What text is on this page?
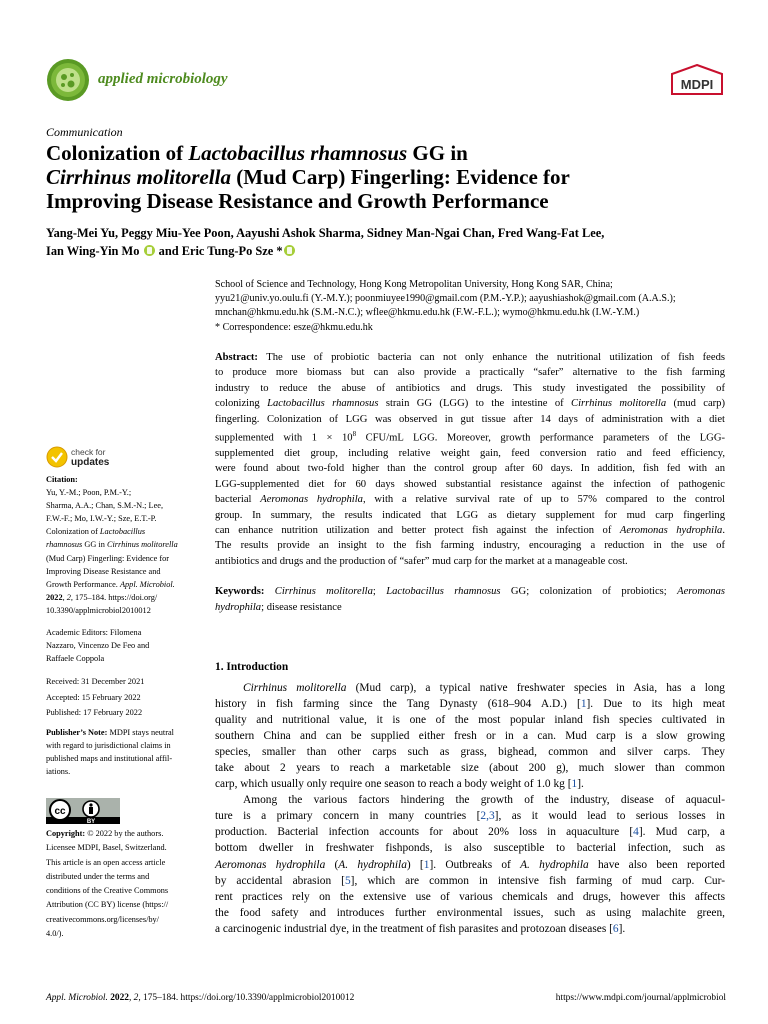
applied microbiology	MDPI
Communication
Colonization of Lactobacillus rhamnosus GG in
Cirrhinus molitorella (Mud Carp) Fingerling: Evidence for
Improving Disease Resistance and Growth Performance
Yang-Mei Yu, Peggy Miu-Yee Poon, Aayushi Ashok Sharma, Sidney Man-Ngai Chan, Fred Wang-Fat Lee,
Ian Wing-Yin Mo  and Eric Tung-Po Sze *
School of Science and Technology, Hong Kong Metropolitan University, Hong Kong SAR, China;
yyu21@univ.yo.oulu.fi (Y.-M.Y.); poonmiuyee1990@gmail.com (P.M.-Y.P.); aayushiashok@gmail.com (A.A.S.);
mnchan@hkmu.edu.hk (S.M.-N.C.); wflee@hkmu.edu.hk (F.W.-F.L.); wymo@hkmu.edu.hk (I.W.-Y.M.)
* Correspondence: esze@hkmu.edu.hk
Abstract: The use of probiotic bacteria can not only enhance the nutritional utilization of fish feeds
to produce more biomass but can also provide a practically “safer” alternative to the fish farming
industry to reduce the abuse of antibiotics and drugs. This study investigated the possibility of
colonizing Lactobacillus rhamnosus strain GG (LGG) to the intestine of Cirrhinus molitorella (mud carp)
fingerling. Colonization of LGG was observed in gut tissue after 14 days of administration with a diet
supplemented with $1 \times 10^8$ CFU/mL LGG. Moreover, growth performance parameters of the LGG-
supplemented diet group, including relative weight gain, feed conversion ratio and feed efficiency,
were found about two-fold higher than the control group after 60 days. In addition, fish fed with an
LGG-supplemented diet for 60 days showed substantial resistance against the infection of pathogenic
bacterial Aeromonas hydrophila, with a relative survival rate of up to 57% compared to the control
group. In summary, the results indicated that LGG as dietary supplement for mud carp fingerling
can enhance nutrition utilization and better protect fish against the infection of Aeromonas hydrophila.
The results provide an insight to the fish farming industry, encouraging a reduction in the use of
antibiotics and drugs and the production of “safer” mud carp for the market at a manageable cost.
Keywords: Cirrhinus molitorella; Lactobacillus rhamnosus GG; colonization of probiotics; Aeromonas
hydrophila; disease resistance
check for
updates
Citation:
Yu, Y.-M.; Poon, P.M.-Y.;
Sharma, A.A.; Chan, S.M.-N.; Lee,
F.W.-F.; Mo, I.W.-Y.; Sze, E.T.-P.
Colonization of Lactobacillus
rhamnosus GG in Cirrhinus molitorella
(Mud Carp) Fingerling: Evidence for
Improving Disease Resistance and
Growth Performance. Appl. Microbiol.
2022, 2, 175–184. https://doi.org/
10.3390/applmicrobiol2010012
Academic Editors: Filomena
Nazzaro, Vincenzo De Feo and
Raffaele Coppola
Received: 31 December 2021
Accepted: 15 February 2022
Published: 17 February 2022
Publisher’s Note: MDPI stays neutral
with regard to jurisdictional claims in
published maps and institutional affil-
iations.
cc
BY
Copyright: © 2022 by the authors.
Licensee MDPI, Basel, Switzerland.
This article is an open access article
distributed under the terms and
conditions of the Creative Commons
Attribution (CC BY) license (https://
creativecommons.org/licenses/by/
4.0/).
1. Introduction
Cirrhinus molitorella (Mud carp), a typical native freshwater species in Asia, has a long
history in fish farming since the Tang Dynasty (618–904 A.D.) [1]. Due to its high meat
quality and nutritional value, it is one of the most popular inland fish species cultivated in
southern China and can be supplied either fresh or in a can. Mud carp is a slow growing
species, smaller than other carps such as grass, bighead, common and silver carps. They
take about 2 years to reach a marketable size (about 200 g), much slower than common
carp, which usually only require one season to reach a body weight of 1.0 kg [1].
Among the various factors hindering the growth of the industry, disease of aquacul-
ture is a primary concern in many countries [2,3], as it would lead to serious losses in
production. Bacterial infection accounts for about 20% loss in aquaculture [4]. Mud carp, a
bottom dweller in freshwater fishponds, is also susceptible to bacterial infection, such as
Aeromonas hydrophila (A. hydrophila) [1]. Outbreaks of A. hydrophila have also been reported
by accidental abrasion [5], which are common in intensive fish farming of mud carp. Cur-
rent practices rely on the extensive use of various chemicals and drugs, however this affects
the food safety and introduces further environmental issues, such as using malachite green,
a carcinogenic industrial dye, in the treatment of fish parasites and protozoan diseases [6].
Appl. Microbiol. 2022, 2, 175–184. https://doi.org/10.3390/applmicrobiol2010012	https://www.mdpi.com/journal/applmicrobiol
